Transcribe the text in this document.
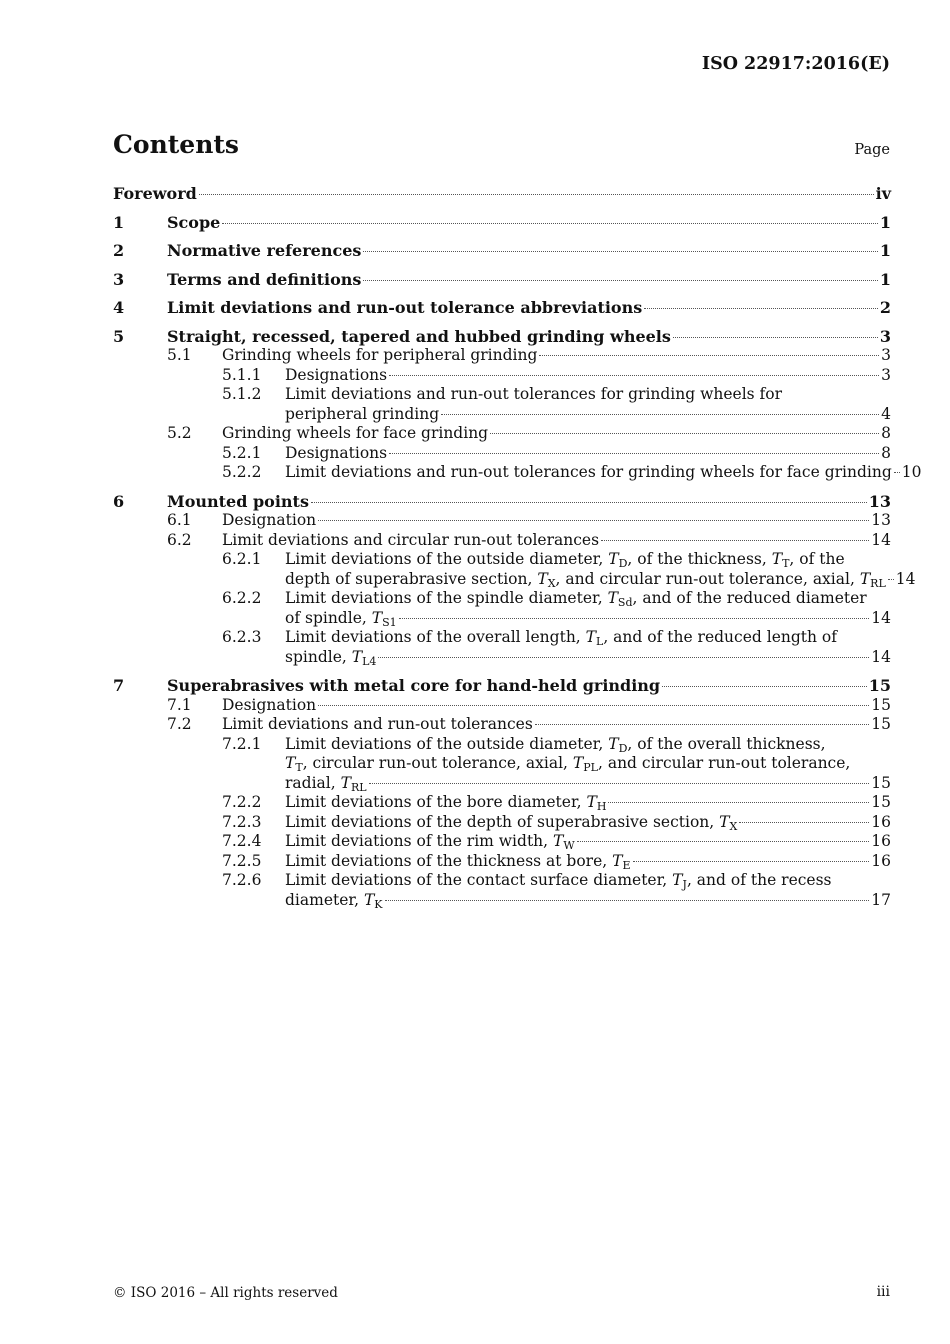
ISO 22917:2016(E)
Contents	Page
Foreword	iv
1	Scope	1
2	Normative references	1
3	Terms and definitions	1
4	Limit deviations and run-out tolerance abbreviations	2
5	Straight, recessed, tapered and hubbed grinding wheels	3
5.1 Grinding wheels for peripheral grinding	3
5.1.1 Designations	3
5.1.2 Limit deviations and run-out tolerances for grinding wheels for
peripheral grinding	4
5.2 Grinding wheels for face grinding	8
5.2.1 Designations	8
5.2.2 Limit deviations and run-out tolerances for grinding wheels for face grinding 10
6	Mounted points	13
6.1 Designation	13
6.2 Limit deviations and circular run-out tolerances	14
6.2.1 Limit deviations of the outside diameter, $T_D$, of the thickness, $T_T$, of the
depth of superabrasive section, $T_X$, and circular run-out tolerance, axial, $T_{RL}$ 14
6.2.2 Limit deviations of the spindle diameter, $T_{Sd}$, and of the reduced diameter
of spindle, $T_{S1}$	14
6.2.3 Limit deviations of the overall length, $T_L$, and of the reduced length of
spindle, $T_{L4}$	14
7	Superabrasives with metal core for hand-held grinding	15
7.1 Designation	15
7.2 Limit deviations and run-out tolerances	15
7.2.1 Limit deviations of the outside diameter, $T_D$, of the overall thickness,
$T_T$, circular run-out tolerance, axial, $T_{PL}$, and circular run-out tolerance,
radial, $T_{RL}$	15
7.2.2 Limit deviations of the bore diameter, $T_H$	15
7.2.3 Limit deviations of the depth of superabrasive section, $T_X$	16
7.2.4 Limit deviations of the rim width, $T_W$	16
7.2.5 Limit deviations of the thickness at bore, $T_E$	16
7.2.6 Limit deviations of the contact surface diameter, $T_J$, and of the recess
diameter, $T_K$	17
© ISO 2016 – All rights reserved	iii
